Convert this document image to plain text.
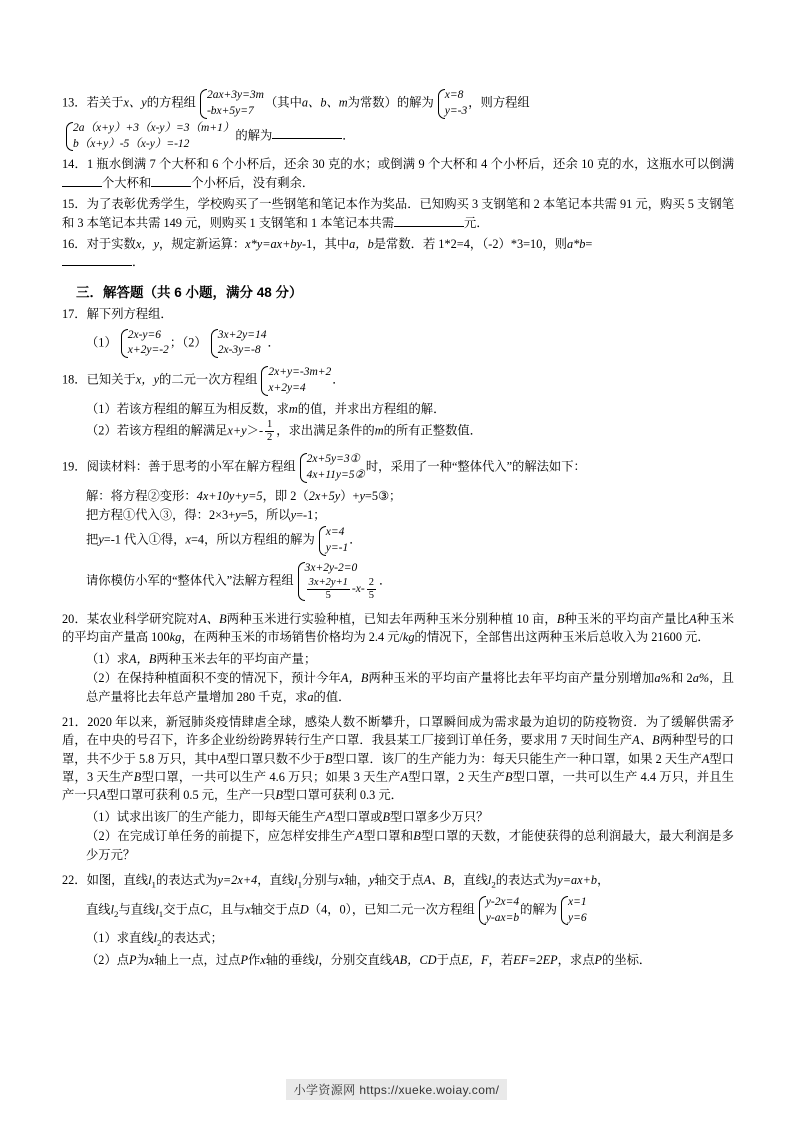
13．若关于x、y的方程组
2ax+3y=3m
-bx+5y=7
（其中a、b、m为常数）的解为
x=8
y=-3
，则方程组
2a（x+y）+3（x-y）=3（m+1）
b（x+y）-5（x-y）=-12
的解为	．
14．1 瓶水倒满 7 个大杯和 6 个小杯后，还余 30 克的水；或倒满 9 个大杯和 4 个小杯后，还余 10 克的水，这瓶水可以倒满个大杯和	个小杯后，没有剩余．
15．为了表彰优秀学生，学校购买了一些钢笔和笔记本作为奖品．已知购买 3 支钢笔和 2 本笔记本共需 91 元，购买 5 支钢笔和 3 本笔记本共需 149 元，则购买 1 支钢笔和 1 本笔记本共需	元．
16．对于实数x，y，规定新运算：x*y=ax+by-1，其中a，b是常数．若 1*2=4，（-2）*3=10，则a*b=
．
三．解答题（共 6 小题，满分 48 分）
17．解下列方程组．
（1）
2x-y=6
x+2y=-2
；（2）
3x+2y=14
2x-3y=-8
．
18．已知关于x，y的二元一次方程组
2x+y=-3m+2
x+2y=4
．
（1）若该方程组的解互为相反数，求m的值，并求出方程组的解．
（2）若该方程组的解满足$x+y>- \frac{1}{2}$ ，求出满足条件的m的所有正整数值．
19．阅读材料：善于思考的小军在解方程组
2x+5y=3①
4x+11y=5②
时，采用了一种“整体代入”的解法如下：
解：将方程②变形：4x+10y+y=5，即 2（2x+5y）+y=5③；
把方程①代入③，得：2×3+y=5，所以y=-1；
把y=-1 代入①得，x=4，所以方程组的解为
x=4
y=-1
．
请你模仿小军的“整体代入”法解方程组
3x+2y-2=0
$\frac{3x+2y+1}{5} -x- \frac{2}{5}$ ．
20．某农业科学研究院对A、B两种玉米进行实验种植，已知去年两种玉米分别种植 10 亩，B种玉米的平均亩产量比A种玉米的平均亩产量高 100kg，在两种玉米的市场销售价格均为 2.4 元/kg的情况下，全部售出这两种玉米后总收入为 21600 元．
（1）求A，B两种玉米去年的平均亩产量；
（2）在保持种植面积不变的情况下，预计今年A，B两种玉米的平均亩产量将比去年平均亩产量分别增加a%和 2a%，且总产量将比去年总产量增加 280 千克，求a的值．
21．2020 年以来，新冠肺炎疫情肆虐全球，感染人数不断攀升，口罩瞬间成为需求最为迫切的防疫物资．为了缓解供需矛盾，在中央的号召下，许多企业纷纷跨界转行生产口罩．我县某工厂接到订单任务，要求用 7 天时间生产A、B两种型号的口罩，共不少于 5.8 万只，其中A型口罩只数不少于B型口罩．该厂的生产能力为：每天只能生产一种口罩，如果 2 天生产A型口罩，3 天生产B型口罩，一共可以生产 4.6 万只；如果 3 天生产A型口罩，2 天生产B型口罩，一共可以生产 4.4 万只，并且生产一只A型口罩可获利 0.5 元，生产一只B型口罩可获利 0.3 元．
（1）试求出该厂的生产能力，即每天能生产A型口罩或B型口罩多少万只？
（2）在完成订单任务的前提下，应怎样安排生产A型口罩和B型口罩的天数，才能使获得的总利润最大，最大利润是多少万元？
22．如图，直线$l_1$的表达式为y=2x+4，直线$l_1$分别与x轴，y轴交于点A、B，直线$l_2$的表达式为y=ax+b，
直线$l_2$与直线$l_1$交于点C，且与x轴交于点D（4，0），已知二元一次方程组
y-2x=4
y-ax=b
的解为
x=1
y=6
（1）求直线$l_2$的表达式；
（2）点P为x轴上一点，过点P作x轴的垂线l，分别交直线AB，CD于点E，F，若EF=2EP，求点P的坐标．
小学资源网 https://xueke.woiay.com/
